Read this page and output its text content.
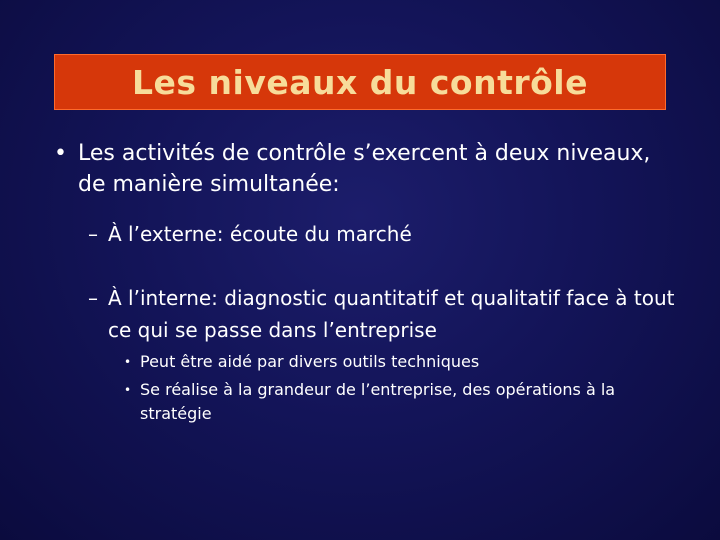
Les niveaux du contrôle
• Les activités de contrôle s’exercent à deux niveaux, de manière simultanée:
– À l’externe: écoute du marché
– À l’interne: diagnostic quantitatif et qualitatif face à tout ce qui se passe dans l’entreprise
• Peut être aidé par divers outils techniques
• Se réalise à la grandeur de l’entreprise, des opérations à la stratégie
